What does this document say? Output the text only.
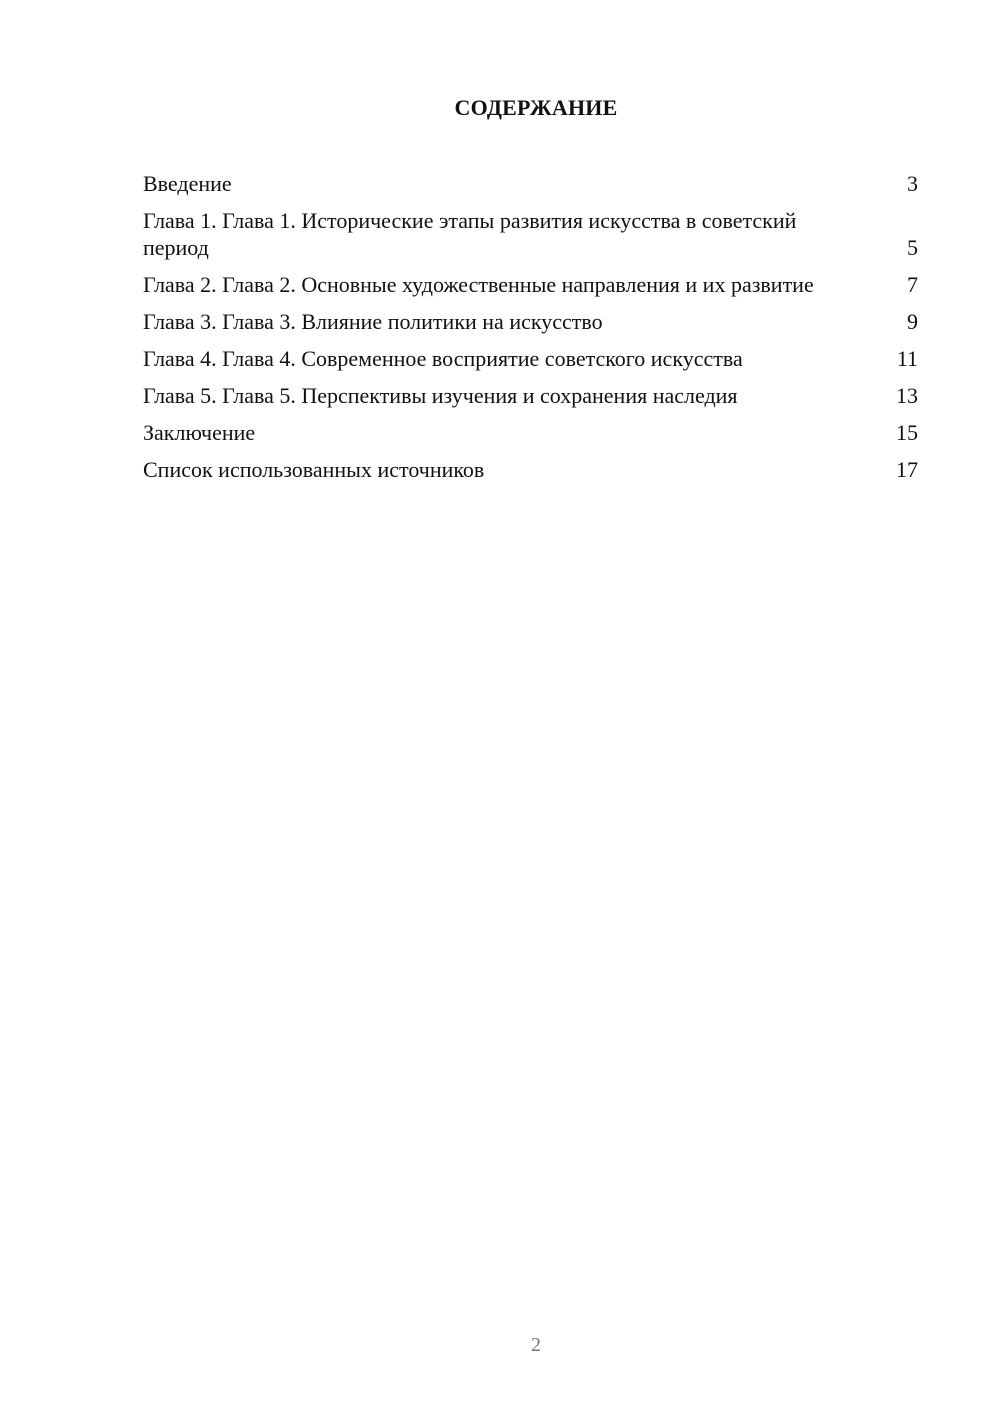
СОДЕРЖАНИЕ
Введение	3
Глава 1. Глава 1. Исторические этапы развития искусства в советский период	5
Глава 2. Глава 2. Основные художественные направления и их развитие	7
Глава 3. Глава 3. Влияние политики на искусство	9
Глава 4. Глава 4. Современное восприятие советского искусства	11
Глава 5. Глава 5. Перспективы изучения и сохранения наследия	13
Заключение	15
Список использованных источников	17
2
